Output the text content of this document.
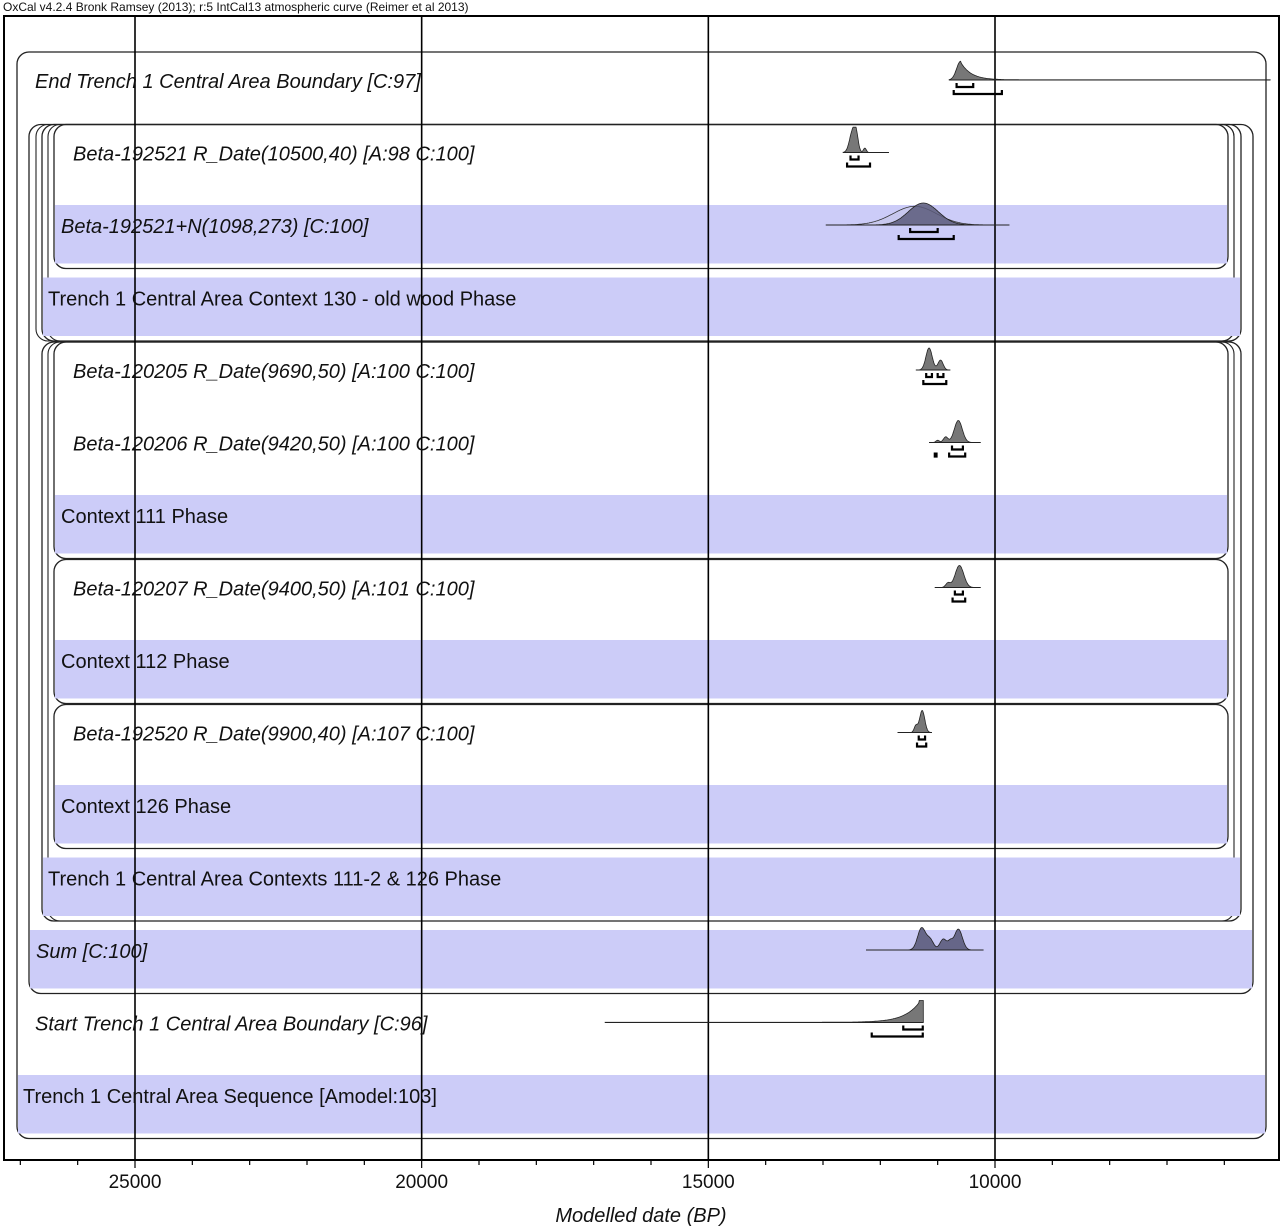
OxCal v4.2.4 Bronk Ramsey (2013); r:5 IntCal13 atmospheric curve (Reimer et al 2013)
End Trench 1 Central Area Boundary [C:97]
Beta-192521 R_Date(10500,40) [A:98 C:100]
Beta-192521+N(1098,273) [C:100]
Trench 1 Central Area Context 130 - old wood Phase
Beta-120205 R_Date(9690,50) [A:100 C:100]
Beta-120206 R_Date(9420,50) [A:100 C:100]
Context 111 Phase
Beta-120207 R_Date(9400,50) [A:101 C:100]
Context 112 Phase
Beta-192520 R_Date(9900,40) [A:107 C:100]
Context 126 Phase
Trench 1 Central Area Contexts 111-2 & 126 Phase
Sum [C:100]
Start Trench 1 Central Area Boundary [C:96]
Trench 1 Central Area Sequence [Amodel:103]
25000	20000	15000	10000
Modelled date (BP)
